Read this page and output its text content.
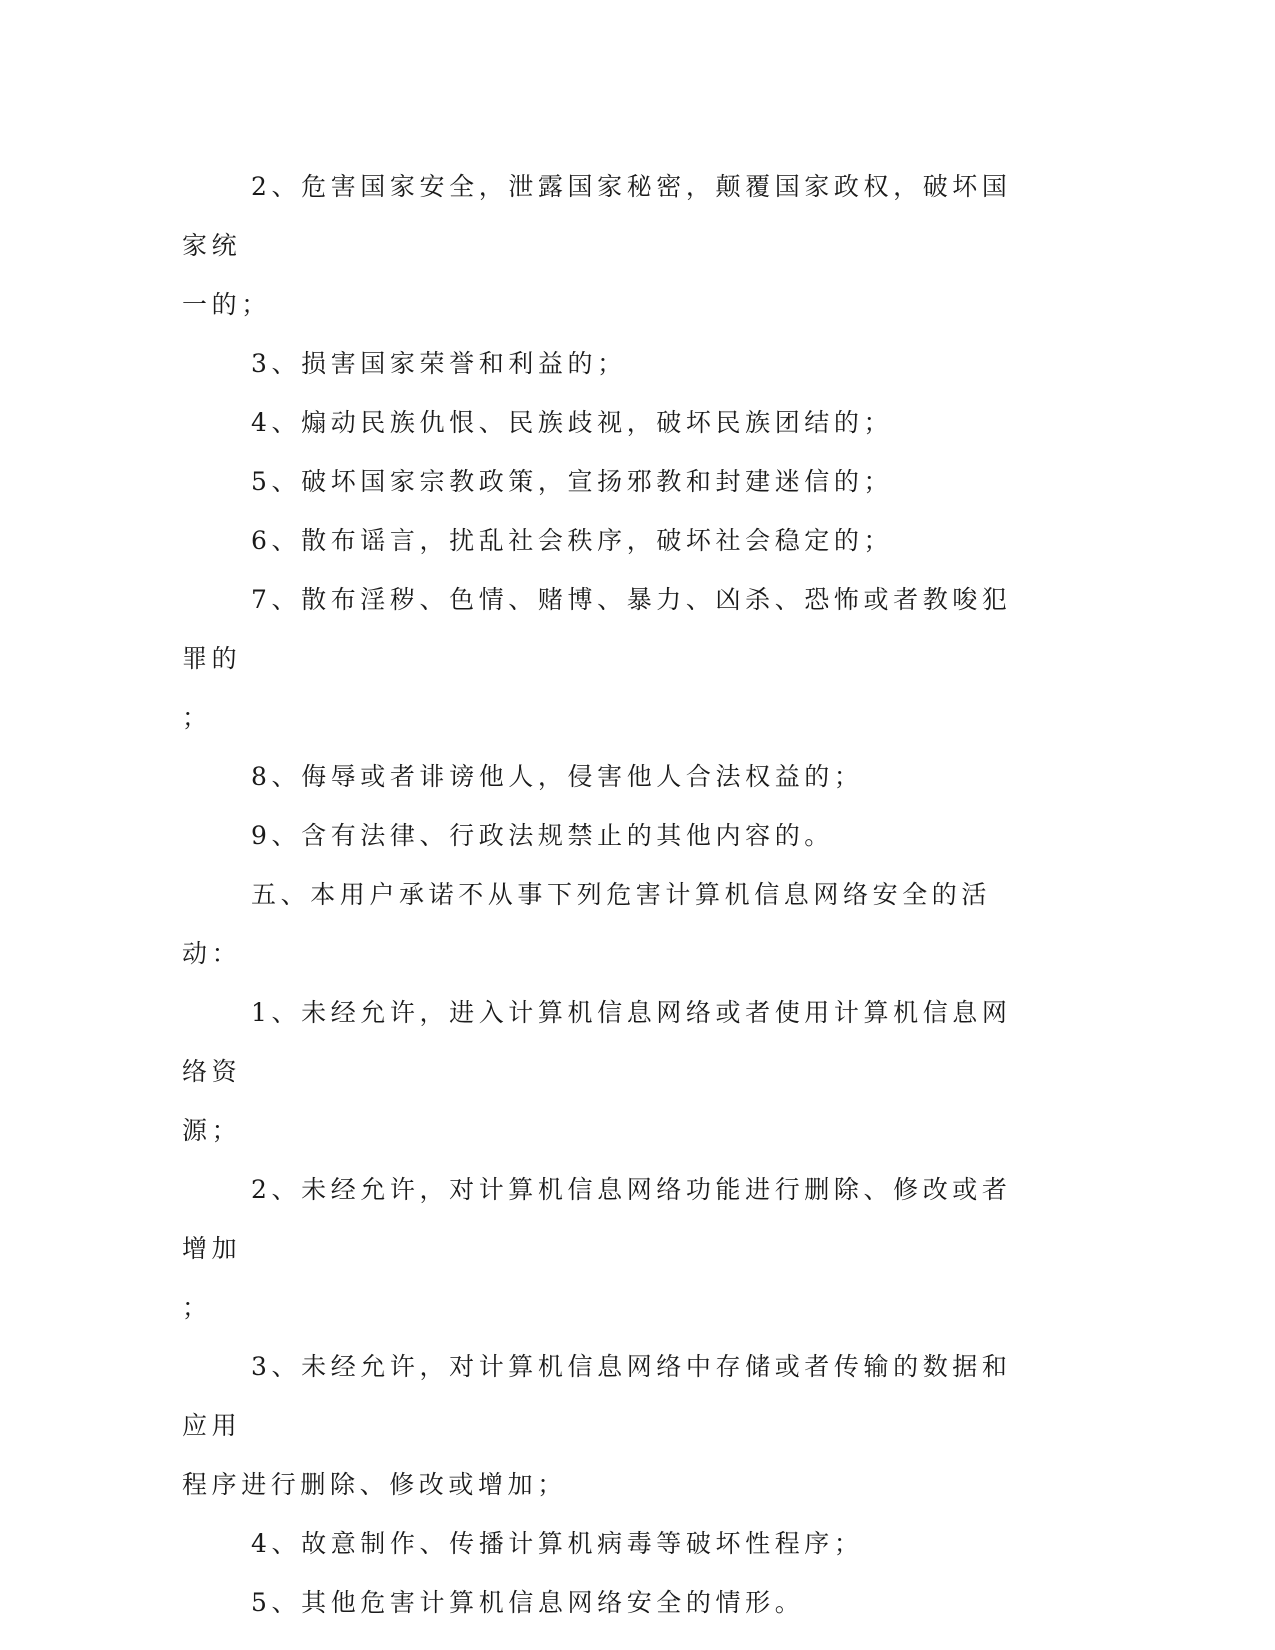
2、危害国家安全，泄露国家秘密，颠覆国家政权，破坏国家统
一的；

3、损害国家荣誉和利益的；

4、煽动民族仇恨、民族歧视，破坏民族团结的；

5、破坏国家宗教政策，宣扬邪教和封建迷信的；

6、散布谣言，扰乱社会秩序，破坏社会稳定的；

7、散布淫秽、色情、赌博、暴力、凶杀、恐怖或者教唆犯罪的
；

8、侮辱或者诽谤他人，侵害他人合法权益的；

9、含有法律、行政法规禁止的其他内容的。

五、本用户承诺不从事下列危害计算机信息网络安全的活动：

1、未经允许，进入计算机信息网络或者使用计算机信息网络资
源；

2、未经允许，对计算机信息网络功能进行删除、修改或者增加
；

3、未经允许，对计算机信息网络中存储或者传输的数据和应用
程序进行删除、修改或增加；

4、故意制作、传播计算机病毒等破坏性程序；

5、其他危害计算机信息网络安全的情形。
